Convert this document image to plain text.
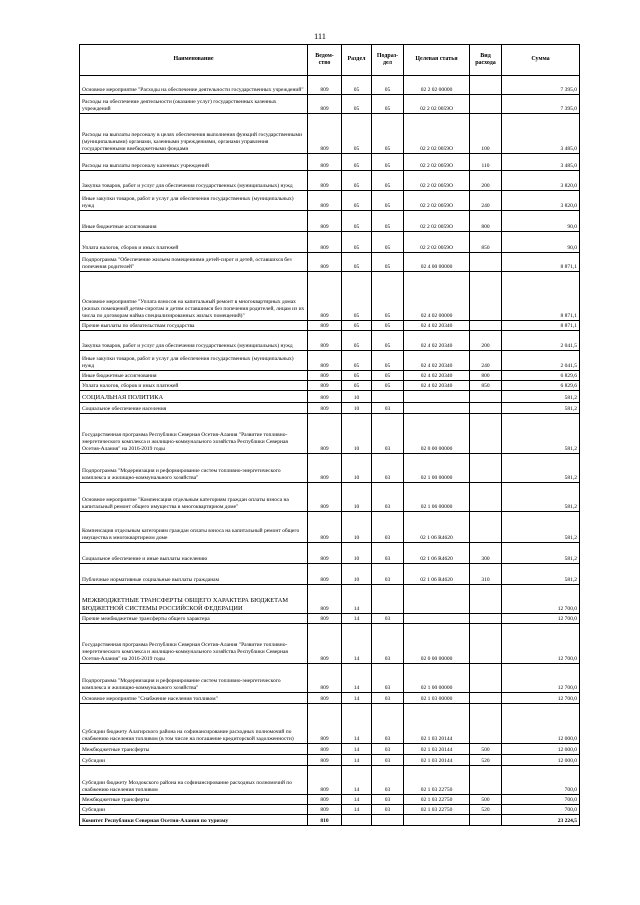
111
Наименование	Ведом-ство	Раздел	Подраз-дел	Целевая статья	Вид расхода	Сумма
Основное мероприятие "Расходы на обеспечение деятельности государственных учреждений"	809	05	05	02 2 02 00000		7 395,0
Расходы на обеспечение деятельности (оказание услуг) государственных казенных учреждений	809	05	05	02 2 02 0059О		7 395,0
Расходы на выплаты персоналу в целях обеспечения выполнения функций государственными (муниципальными) органами, казенными учреждениями, органами управления государственными внебюджетными фондами	809	05	05	02 2 02 0059О	100	3 485,0
Расходы на выплаты персоналу казенных учреждений	809	05	05	02 2 02 0059О	110	3 485,0
Закупка товаров, работ и услуг для обеспечения государственных (муниципальных) нужд	809	05	05	02 2 02 0059О	200	3 820,0
Иные закупки товаров, работ и услуг для обеспечения государственных (муниципальных) нужд	809	05	05	02 2 02 0059О	240	3 820,0
Иные бюджетные ассигнования	809	05	05	02 2 02 0059О	800	90,0
Уплата налогов, сборов и иных платежей	809	05	05	02 2 02 0059О	850	90,0
Подпрограмма "Обеспечение жильем помещениями детей-сирот и детей, оставшихся без попечения родителей"	809	05	05	02 4 00 00000		8 871,1
Основное мероприятие "Уплата взносов на капитальный ремонт в многоквартирных домах (жилых помещений детям-сиротам и детям оставшимся без попечения родителей, лицам из их числа по договорам найма специализированных жилых помещений)"	809	05	05	02 4 02 00000		8 871,1
Прочие выплаты по обязательствам государства	809	05	05	02 4 02 20340		8 871,1
Закупка товаров, работ и услуг для обеспечения государственных (муниципальных) нужд	809	05	05	02 4 02 20340	200	2 041,5
Иные закупки товаров, работ и услуг для обеспечения государственных (муниципальных) нужд	809	05	05	02 4 02 20340	240	2 041,5
Иные бюджетные ассигнования	809	05	05	02 4 02 20340	800	6 829,6
Уплата налогов, сборов и иных платежей	809	05	05	02 4 02 20340	850	6 829,6
СОЦИАЛЬНАЯ ПОЛИТИКА	809	10				581,2
Социальное обеспечение населения	809	10	03			581,2
Государственная программа Республики Северная Осетия-Алания "Развитие топливно-энергетического комплекса и жилищно-коммунального хозяйства Республики Северная Осетия-Алания" на 2016-2019 годы	809	10	03	02 0 00 00000		581,2
Подпрограмма "Модернизация и реформирование систем топливно-энергетического комплекса и жилищно-коммунального хозяйства"	809	10	03	02 1 00 00000		581,2
Основное мероприятие "Компенсация отдельным категориям граждан оплаты взноса на капитальный ремонт общего имущества в многоквартирном доме"	809	10	03	02 1 06 00000		581,2
Компенсация отдельным категориям граждан оплаты взноса на капитальный ремонт общего имущества в многоквартирном доме	809	10	03	02 1 06 R4620		581,2
Социальное обеспечение и иные выплаты населению	809	10	03	02 1 06 R4620	300	581,2
Публичные нормативные социальные выплаты гражданам	809	10	03	02 1 06 R4620	310	581,2
МЕЖБЮДЖЕТНЫЕ ТРАНСФЕРТЫ ОБЩЕГО ХАРАКТЕРА БЮДЖЕТАМ БЮДЖЕТНОЙ СИСТЕМЫ РОССИЙСКОЙ ФЕДЕРАЦИИ	809	14				12 700,0
Прочие межбюджетные трансферты общего характера	809	14	03			12 700,0
Государственная программа Республики Северная Осетия-Алания "Развитие топливно-энергетического комплекса и жилищно-коммунального хозяйства Республики Северная Осетия-Алания" на 2016-2019 годы	809	14	03	02 0 00 00000		12 700,0
Подпрограмма "Модернизация и реформирование систем топливно-энергетического комплекса и жилищно-коммунального хозяйства"	809	14	03	02 1 00 00000		12 700,0
Основное мероприятие "Снабжение населения топливом"	809	14	03	02 1 03 00000		12 700,0
Субсидии бюджету Алагирского района на софинансирование расходных полномочий по снабжению населения топливом (в том числе на погашение кредиторской задолженности)	809	14	03	02 1 03 20144		12 000,0
Межбюджетные трансферты	809	14	03	02 1 03 20144	500	12 000,0
Субсидии	809	14	03	02 1 03 20144	520	12 000,0
Субсидии бюджету Моздокского района на софинансирование расходных полномочий по снабжению населения топливом	809	14	03	02 1 03 22750		700,0
Межбюджетные трансферты	809	14	03	02 1 03 22750	500	700,0
Субсидии	809	14	03	02 1 03 22750	520	700,0
Комитет Республики Северная Осетия-Алания по туризму	810					23 224,5
